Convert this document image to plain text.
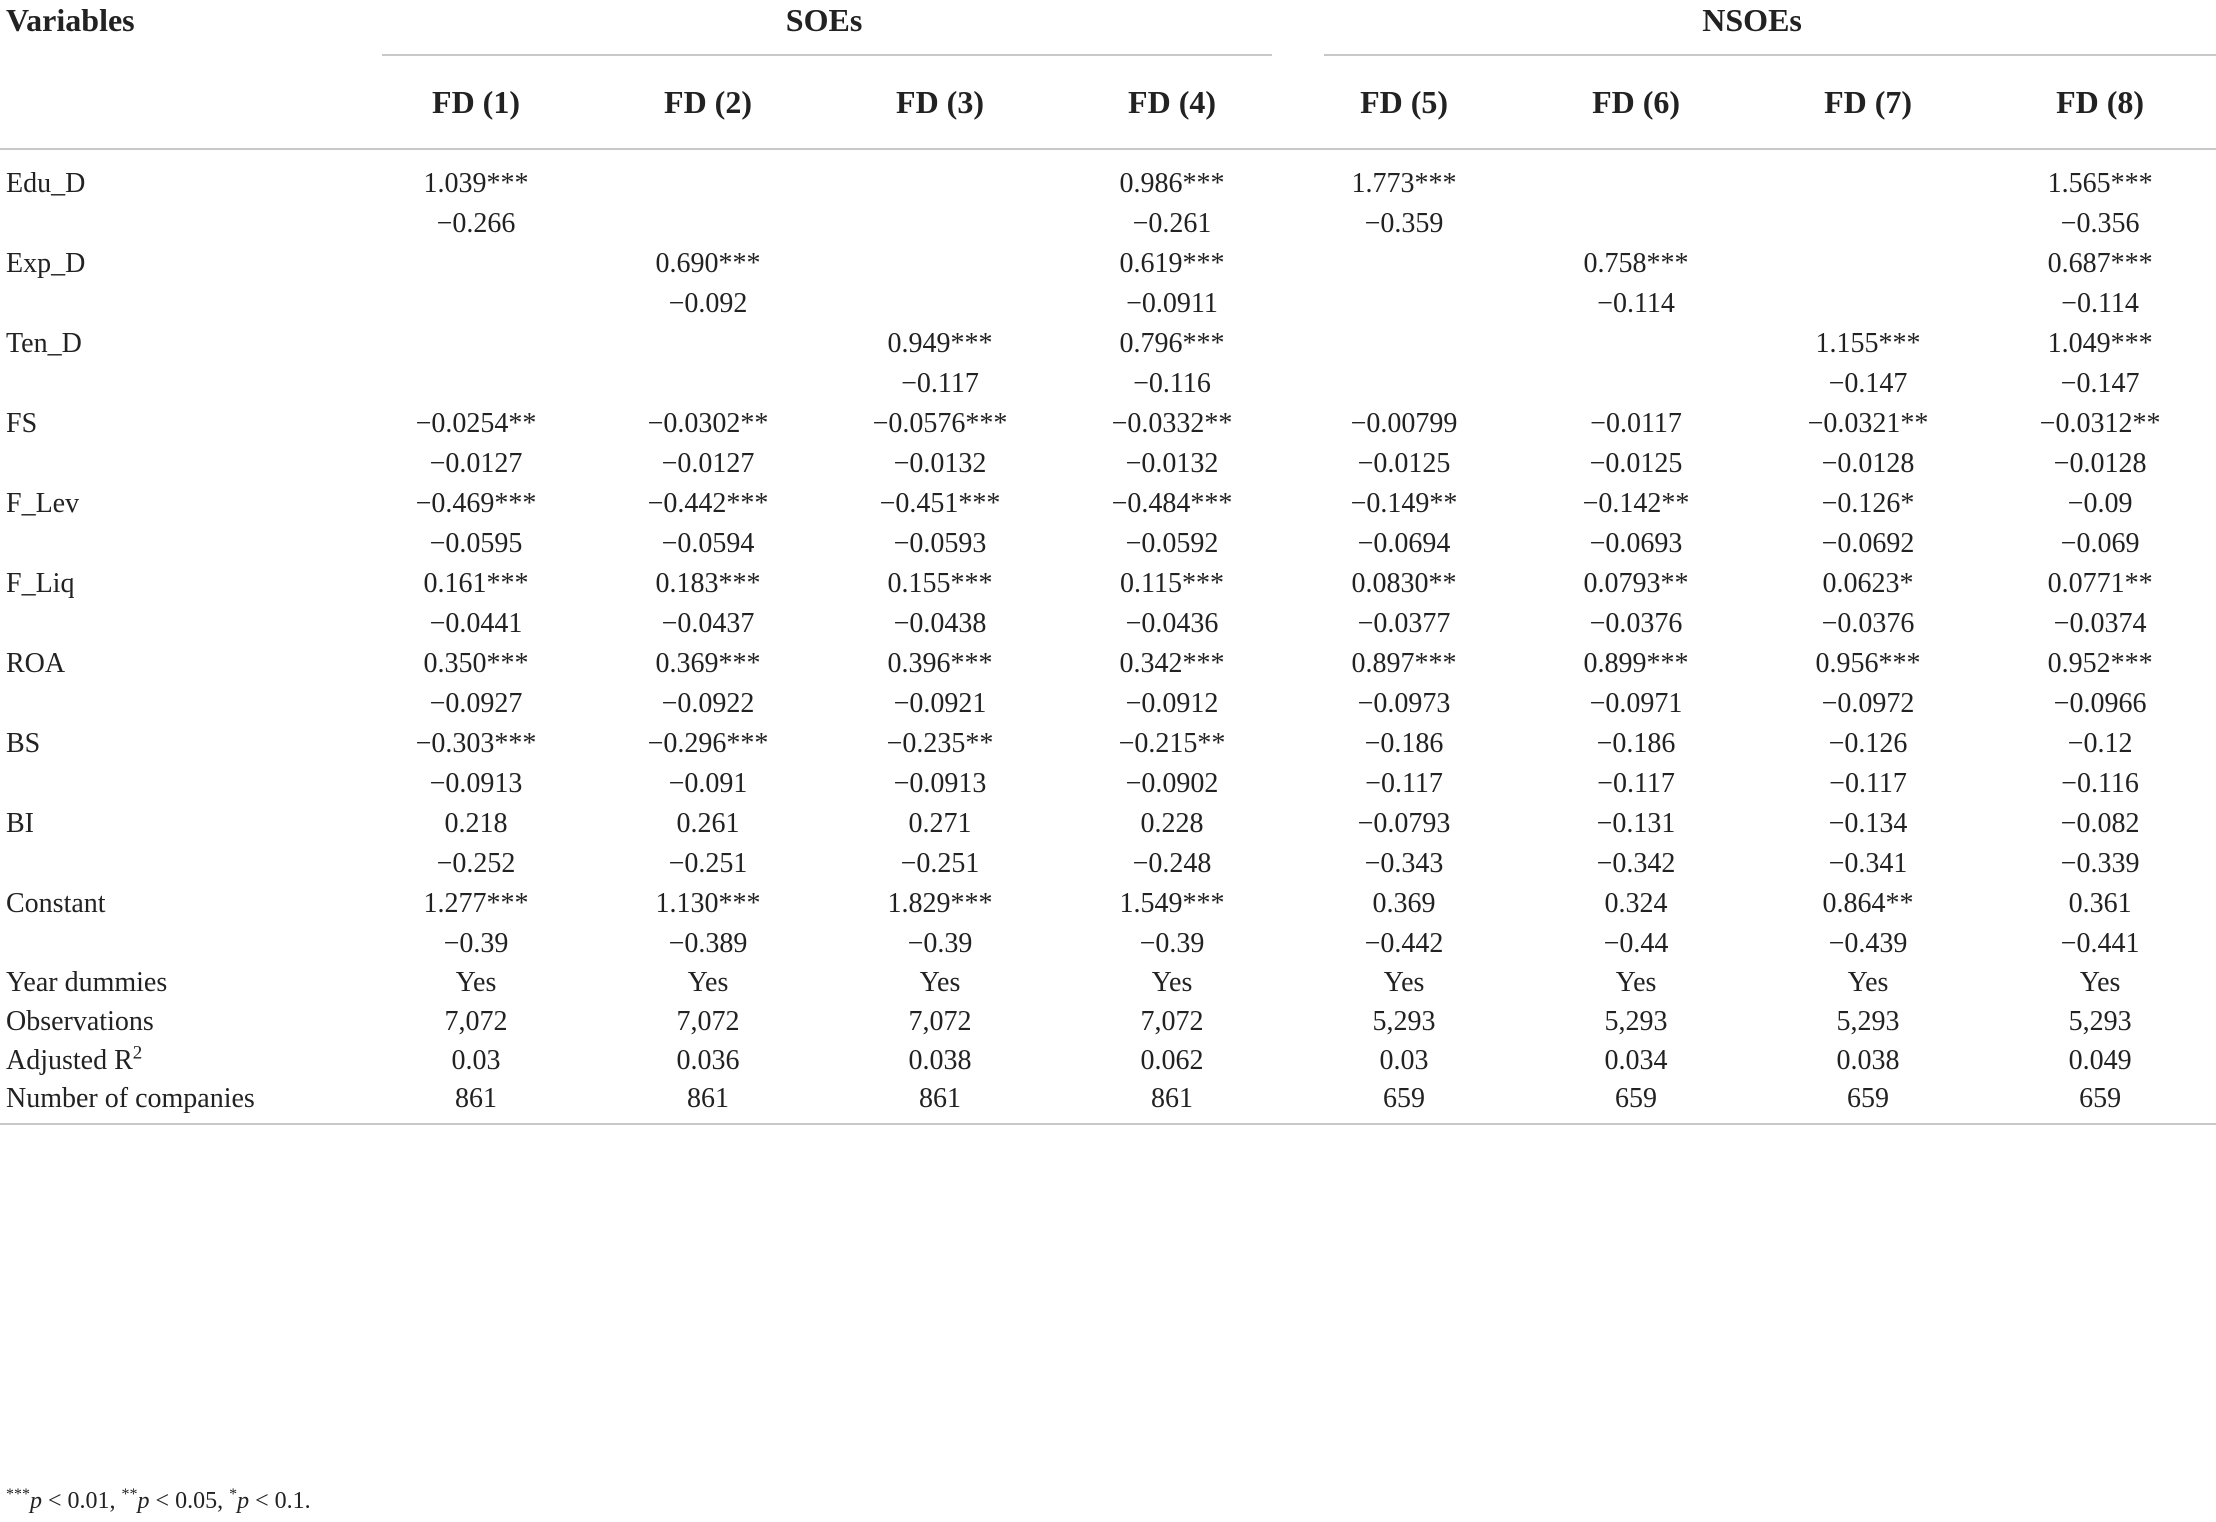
Variables	SOEs				NSOEs			

	FD (1)	FD (2)	FD (3)	FD (4)	FD (5)	FD (6)	FD (7)	FD (8)

Edu_D	1.039***			0.986***	1.773***			1.565***
	−0.266			−0.261	−0.359			−0.356
Exp_D		0.690***		0.619***		0.758***		0.687***
		−0.092		−0.0911		−0.114		−0.114
Ten_D			0.949***	0.796***			1.155***	1.049***
			−0.117	−0.116			−0.147	−0.147
FS	−0.0254**	−0.0302**	−0.0576***	−0.0332**	−0.00799	−0.0117	−0.0321**	−0.0312**
	−0.0127	−0.0127	−0.0132	−0.0132	−0.0125	−0.0125	−0.0128	−0.0128
F_Lev	−0.469***	−0.442***	−0.451***	−0.484***	−0.149**	−0.142**	−0.126*	−0.09
	−0.0595	−0.0594	−0.0593	−0.0592	−0.0694	−0.0693	−0.0692	−0.069
F_Liq	0.161***	0.183***	0.155***	0.115***	0.0830**	0.0793**	0.0623*	0.0771**
	−0.0441	−0.0437	−0.0438	−0.0436	−0.0377	−0.0376	−0.0376	−0.0374
ROA	0.350***	0.369***	0.396***	0.342***	0.897***	0.899***	0.956***	0.952***
	−0.0927	−0.0922	−0.0921	−0.0912	−0.0973	−0.0971	−0.0972	−0.0966
BS	−0.303***	−0.296***	−0.235**	−0.215**	−0.186	−0.186	−0.126	−0.12
	−0.0913	−0.091	−0.0913	−0.0902	−0.117	−0.117	−0.117	−0.116
BI	0.218	0.261	0.271	0.228	−0.0793	−0.131	−0.134	−0.082
	−0.252	−0.251	−0.251	−0.248	−0.343	−0.342	−0.341	−0.339
Constant	1.277***	1.130***	1.829***	1.549***	0.369	0.324	0.864**	0.361
	−0.39	−0.389	−0.39	−0.39	−0.442	−0.44	−0.439	−0.441
Year dummies	Yes	Yes	Yes	Yes	Yes	Yes	Yes	Yes
Observations	7,072	7,072	7,072	7,072	5,293	5,293	5,293	5,293
Adjusted $R^2$	0.03	0.036	0.038	0.062	0.03	0.034	0.038	0.049
Number of companies	861	861	861	861	659	659	659	659
***p < 0.01, **p < 0.05, *p < 0.1.
